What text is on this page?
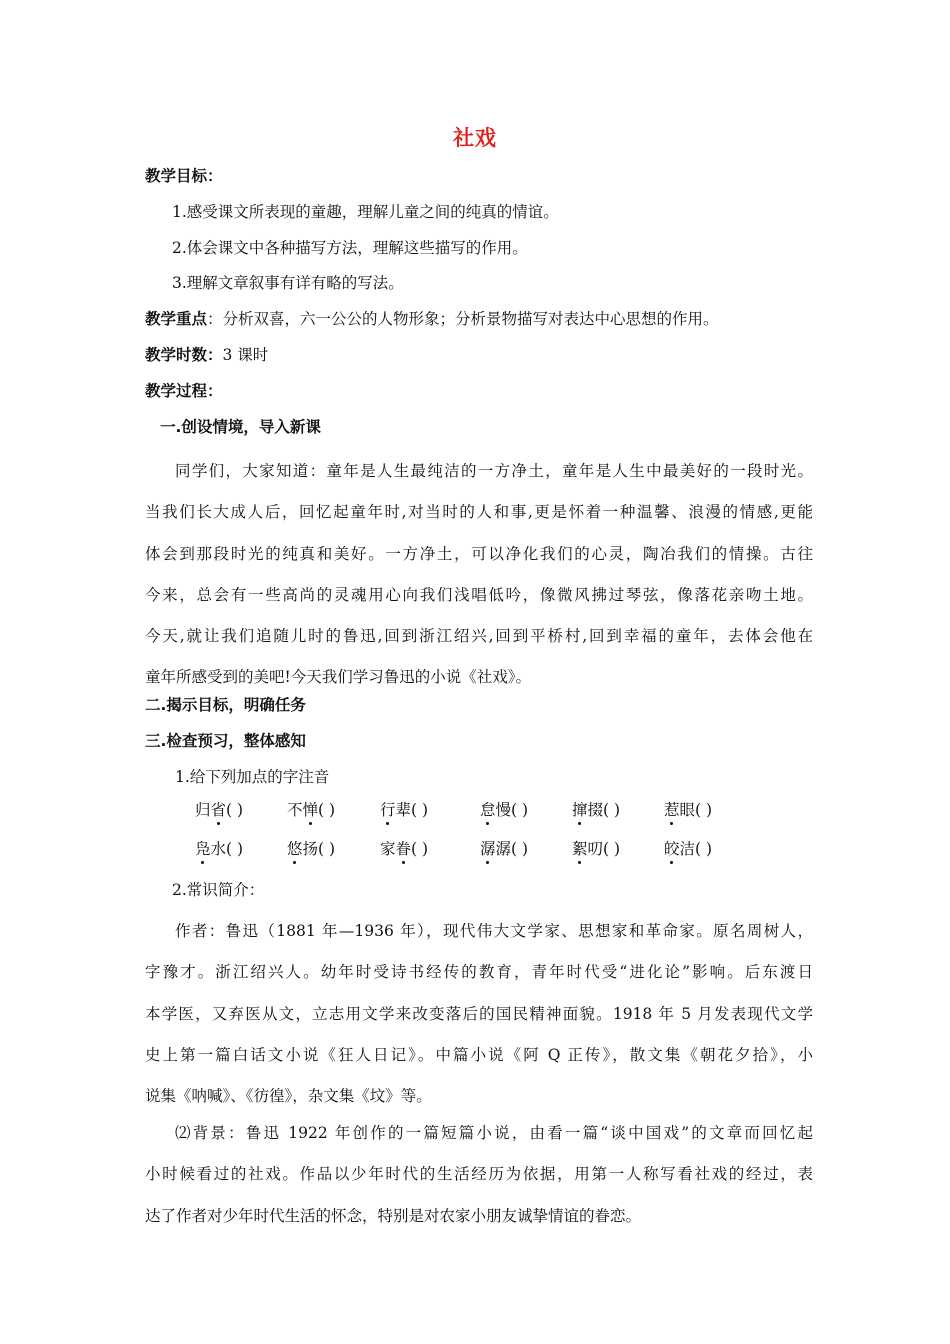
社戏
教学目标：
1.感受课文所表现的童趣，理解儿童之间的纯真的情谊。
2.体会课文中各种描写方法，理解这些描写的作用。
3.理解文章叙事有详有略的写法。
教学重点：分析双喜，六一公公的人物形象；分析景物描写对表达中心思想的作用。
教学时数：3 课时
教学过程：
一.创设情境，导入新课

同学们，大家知道：童年是人生最纯洁的一方净土，童年是人生中最美好的一段时光。

当我们长大成人后，回忆起童年时,对当时的人和事,更是怀着一种温馨、浪漫的情感,更能

体会到那段时光的纯真和美好。一方净土，可以净化我们的心灵，陶冶我们的情操。古往

今来，总会有一些高尚的灵魂用心向我们浅唱低吟，像微风拂过琴弦，像落花亲吻土地。

今天,就让我们追随儿时的鲁迅,回到浙江绍兴,回到平桥村,回到幸福的童年，去体会他在

童年所感受到的美吧!今天我们学习鲁迅的小说《社戏》。

二.揭示目标，明确任务
三.检查预习，整体感知
1.给下列加点的字注音
归省( )	不惮( )	行辈( )	怠慢( )	撺掇( )	惹眼( )
凫水( )	悠扬( )	家眷( )	潺潺( )	絮叨( )	皎洁( )
2.常识简介：

作者：鲁迅（1881 年—1936 年），现代伟大文学家、思想家和革命家。原名周树人，

字豫才。浙江绍兴人。幼年时受诗书经传的教育，青年时代受“进化论”影响。后东渡日

本学医，又弃医从文，立志用文学来改变落后的国民精神面貌。1918 年 5 月发表现代文学

史上第一篇白话文小说《狂人日记》。中篇小说《阿 Q 正传》，散文集《朝花夕拾》，小

说集《呐喊》、《彷徨》，杂文集《坟》等。

⑵背景：鲁迅 1922 年创作的一篇短篇小说，由看一篇“谈中国戏”的文章而回忆起

小时候看过的社戏。作品以少年时代的生活经历为依据，用第一人称写看社戏的经过，表

达了作者对少年时代生活的怀念，特别是对农家小朋友诚挚情谊的眷恋。
